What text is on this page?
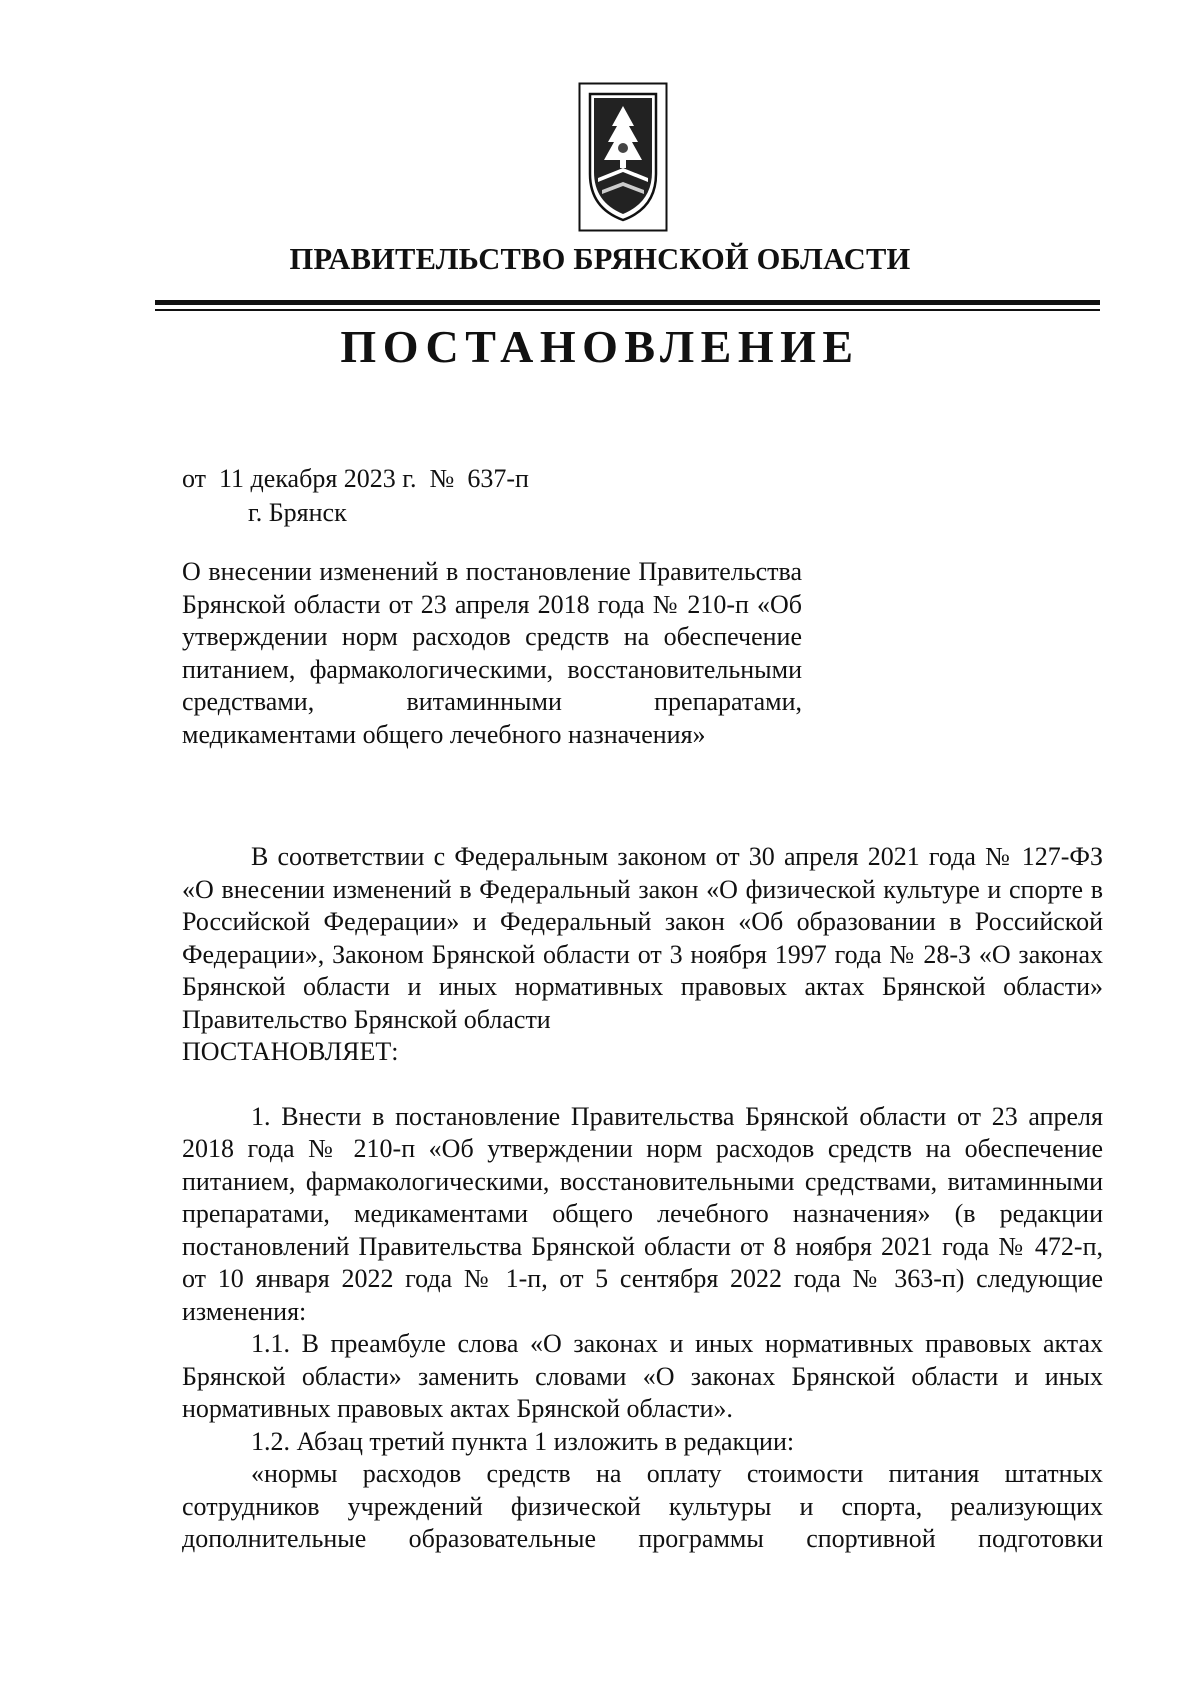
ПРАВИТЕЛЬСТВО БРЯНСКОЙ ОБЛАСТИ
ПОСТАНОВЛЕНИЕ
от  11 декабря 2023 г.  №  637-п
г. Брянск
О внесении изменений в постановление Правительства Брянской области от 23 апреля 2018 года № 210-п «Об утверждении норм расходов средств на обеспечение питанием, фармакологическими, восстановительными средствами, витаминными препаратами, медикаментами общего лечебного назначения»

В соответствии с Федеральным законом от 30 апреля 2021 года № 127-ФЗ «О внесении изменений в Федеральный закон «О физической культуре и спорте в Российской Федерации» и Федеральный закон «Об образовании в Российской Федерации», Законом Брянской области от 3 ноября 1997 года № 28-З «О законах Брянской области и иных нормативных правовых актах Брянской области» Правительство Брянской области

ПОСТАНОВЛЯЕТ:

1. Внести в постановление Правительства Брянской области от 23 апреля 2018 года № 210-п «Об утверждении норм расходов средств на обеспечение питанием, фармакологическими, восстановительными средствами, витаминными препаратами, медикаментами общего лечебного назначения» (в редакции постановлений Правительства Брянской области от 8 ноября 2021 года № 472-п, от 10 января 2022 года № 1-п, от 5 сентября 2022 года № 363-п) следующие изменения:

1.1. В преамбуле слова «О законах и иных нормативных правовых актах Брянской области» заменить словами «О законах Брянской области и иных нормативных правовых актах Брянской области».

1.2. Абзац третий пункта 1 изложить в редакции:

«нормы расходов средств на оплату стоимости питания штатных сотрудников учреждений физической культуры и спорта, реализующих дополнительные образовательные программы спортивной подготовки
